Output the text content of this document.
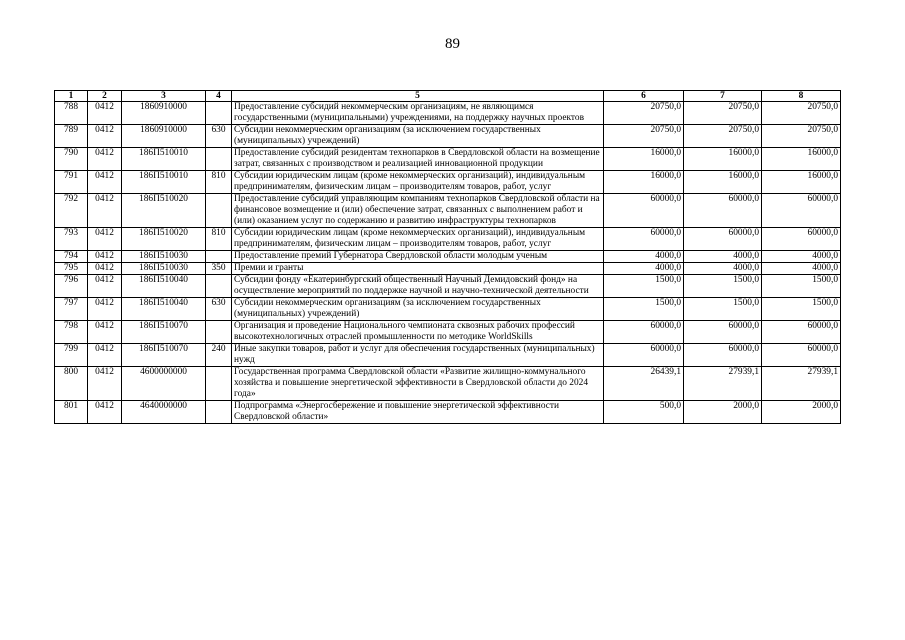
89
1	2	3	4	5	6	7	8
788	0412	1860910000		Предоставление субсидий некоммерческим организациям, не являющимся государственными (муниципальными) учреждениями, на поддержку научных проектов	20750,0	20750,0	20750,0
789	0412	1860910000	630	Субсидии некоммерческим организациям (за исключением государственных (муниципальных) учреждений)	20750,0	20750,0	20750,0
790	0412	186П510010		Предоставление субсидий резидентам технопарков в Свердловской области на возмещение затрат, связанных с производством и реализацией инновационной продукции	16000,0	16000,0	16000,0
791	0412	186П510010	810	Субсидии юридическим лицам (кроме некоммерческих организаций), индивидуальным предпринимателям, физическим лицам – производителям товаров, работ, услуг	16000,0	16000,0	16000,0
792	0412	186П510020		Предоставление субсидий управляющим компаниям технопарков Свердловской области на финансовое возмещение и (или) обеспечение затрат, связанных с выполнением работ и (или) оказанием услуг по содержанию и развитию инфраструктуры технопарков	60000,0	60000,0	60000,0
793	0412	186П510020	810	Субсидии юридическим лицам (кроме некоммерческих организаций), индивидуальным предпринимателям, физическим лицам – производителям товаров, работ, услуг	60000,0	60000,0	60000,0
794	0412	186П510030		Предоставление премий Губернатора Свердловской области молодым ученым	4000,0	4000,0	4000,0
795	0412	186П510030	350	Премии и гранты	4000,0	4000,0	4000,0
796	0412	186П510040		Субсидии фонду «Екатеринбургский общественный Научный Демидовский фонд» на осуществление мероприятий по поддержке научной и научно-технической деятельности	1500,0	1500,0	1500,0
797	0412	186П510040	630	Субсидии некоммерческим организациям (за исключением государственных (муниципальных) учреждений)	1500,0	1500,0	1500,0
798	0412	186П510070		Организация и проведение Национального чемпионата сквозных рабочих профессий высокотехнологичных отраслей промышленности по методике WorldSkills	60000,0	60000,0	60000,0
799	0412	186П510070	240	Иные закупки товаров, работ и услуг для обеспечения государственных (муниципальных) нужд	60000,0	60000,0	60000,0
800	0412	4600000000		Государственная программа Свердловской области «Развитие жилищно-коммунального хозяйства и повышение энергетической эффективности в Свердловской области до 2024 года»	26439,1	27939,1	27939,1
801	0412	4640000000		Подпрограмма «Энергосбережение и повышение энергетической эффективности Свердловской области»	500,0	2000,0	2000,0
